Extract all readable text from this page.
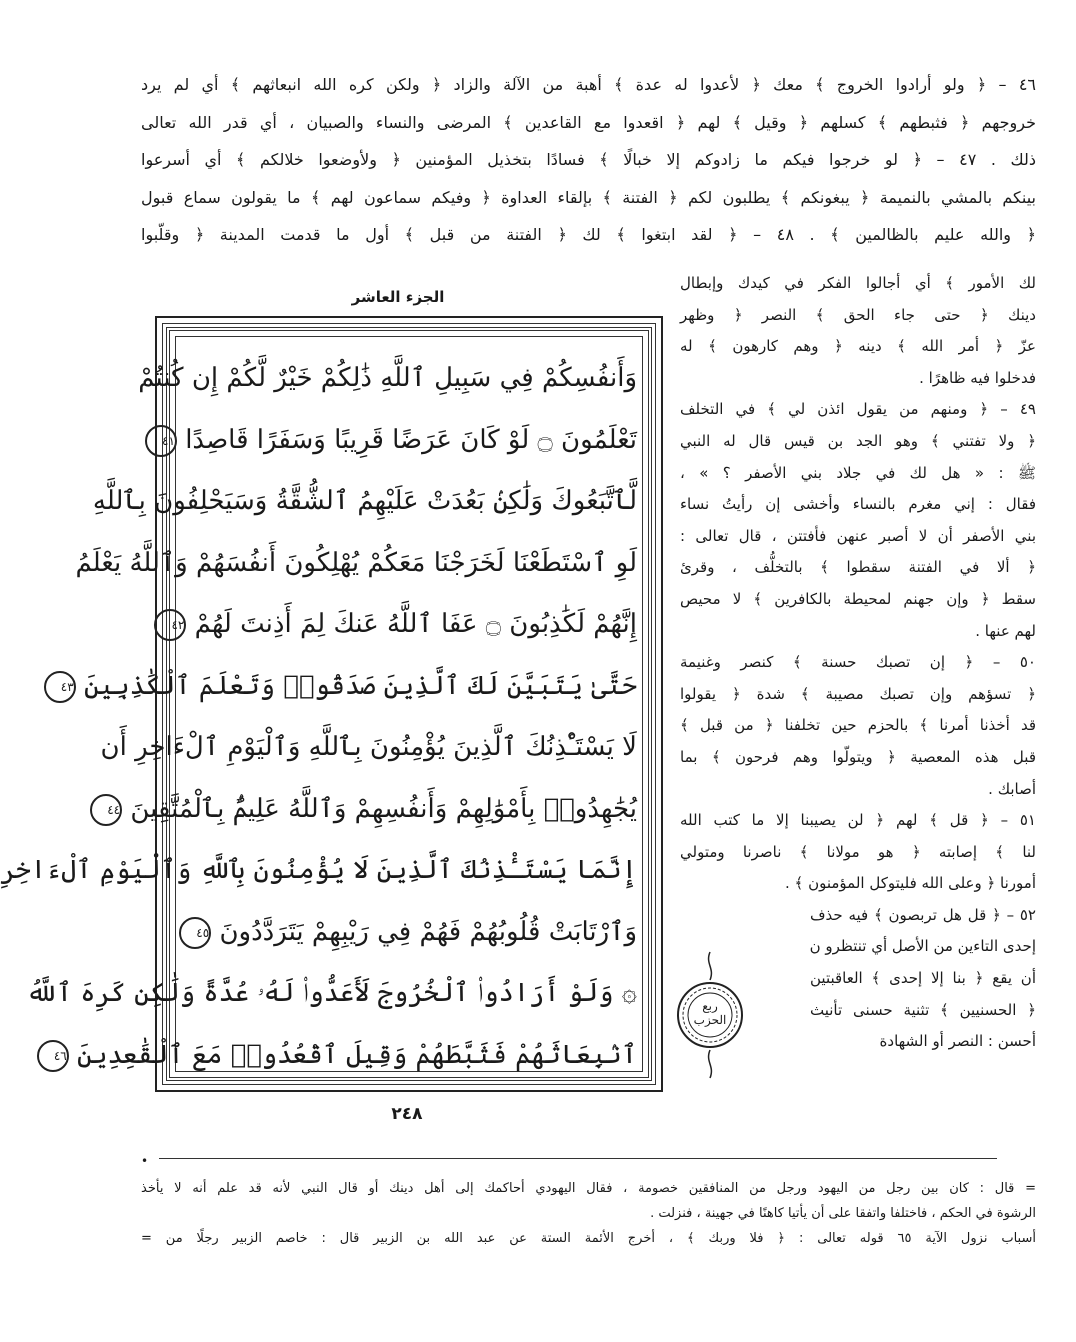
٤٦ – ﴿ ولو أرادوا الخروج ﴾ معك ﴿ لأعدوا له عدة ﴾ أهبة من الآلة والزاد ﴿ ولكن كره الله انبعاثهم ﴾ أي لم يرد
خروجهم ﴿ فثبطهم ﴾ كسلهم ﴿ وقيل ﴾ لهم ﴿ اقعدوا مع القاعدين ﴾ المرضى والنساء والصبيان ، أي قدر الله تعالى
ذلك . ٤٧ – ﴿ لو خرجوا فيكم ما زادوكم إلا خبالًا ﴾ فسادًا بتخذيل المؤمنين ﴿ ولأوضعوا خلالكم ﴾ أي أسرعوا
بينكم بالمشي بالنميمة ﴿ يبغونكم ﴾ يطلبون لكم ﴿ الفتنة ﴾ بإلقاء العداوة ﴿ وفيكم سماعون لهم ﴾ ما يقولون سماع قبول
﴿ والله عليم بالظالمين ﴾ . ٤٨ – ﴿ لقد ابتغوا ﴾ لك ﴿ الفتنة من قبل ﴾ أول ما قدمت المدينة ﴿ وقلّبوا
الجزء العاشر
وَأَنفُسِكُمْ فِي سَبِيلِ ٱللَّهِ ذَٰلِكُمْ خَيْرٌ لَّكُمْ إِن كُنتُمْ
تَعْلَمُونَ ۝ لَوْ كَانَ عَرَضًا قَرِيبًا وَسَفَرًا قَاصِدًا ٤١
لَّٱتَّبَعُوكَ وَلَٰكِنۢ بَعُدَتْ عَلَيْهِمُ ٱلشُّقَّةُ وَسَيَحْلِفُونَ بِٱللَّهِ
لَوِ ٱسْتَطَعْنَا لَخَرَجْنَا مَعَكُمْ يُهْلِكُونَ أَنفُسَهُمْ وَٱللَّهُ يَعْلَمُ
إِنَّهُمْ لَكَٰذِبُونَ ۝ عَفَا ٱللَّهُ عَنكَ لِمَ أَذِنتَ لَهُمْ ٤٢
حَتَّىٰ يَتَبَيَّنَ لَكَ ٱلَّذِينَ صَدَقُوا۟ وَتَعْلَمَ ٱلْكَٰذِبِينَ ٤٣
لَا يَسْتَـْٔذِنُكَ ٱلَّذِينَ يُؤْمِنُونَ بِٱللَّهِ وَٱلْيَوْمِ ٱلْءَاخِرِ أَن
يُجَٰهِدُوا۟ بِأَمْوَٰلِهِمْ وَأَنفُسِهِمْ وَٱللَّهُ عَلِيمٌۢ بِٱلْمُتَّقِينَ ٤٤
إِنَّمَا يَسْتَـْٔذِنُكَ ٱلَّذِينَ لَا يُؤْمِنُونَ بِٱللَّهِ وَٱلْيَوْمِ ٱلْءَاخِرِ
وَٱرْتَابَتْ قُلُوبُهُمْ فَهُمْ فِي رَيْبِهِمْ يَتَرَدَّدُونَ ٤٥
۞ وَلَوْ أَرَادُوا۟ ٱلْخُرُوجَ لَأَعَدُّوا۟ لَهُۥ عُدَّةً وَلَٰكِن كَرِهَ ٱللَّهُ
ٱنۢبِعَاثَهُمْ فَثَبَّطَهُمْ وَقِيلَ ٱقْعُدُوا۟ مَعَ ٱلْقَٰعِدِينَ ٤٦
٢٤٨
لك الأمور ﴾ أي أجالوا الفكر في كيدك وإبطال
دينك ﴿ حتى جاء الحق ﴾ النصر ﴿ وظهر
عزّ ﴿ أمر الله ﴾ دينه ﴿ وهم كارهون ﴾ له
فدخلوا فيه ظاهرًا .
٤٩ – ﴿ ومنهم من يقول ائذن لي ﴾ في التخلف
﴿ ولا تفتني ﴾ وهو الجد بن قيس قال له النبي
ﷺ : « هل لك في جلاد بني الأصفر ؟ » ،
فقال : إني مغرم بالنساء وأخشى إن رأيتُ نساء
بني الأصفر أن لا أصبر عنهن فأفتتن ، قال تعالى :
﴿ ألا في الفتنة سقطوا ﴾ بالتخلُّف ، وقرئ
سقط ﴿ وإن جهنم لمحيطة بالكافرين ﴾ لا محيص
لهم عنها .
٥٠ – ﴿ إن تصبك حسنة ﴾ كنصر وغنيمة
﴿ تسؤهم وإن تصبك مصيبة ﴾ شدة ﴿ يقولوا
قد أخذنا أمرنا ﴾ بالحزم حين تخلفنا ﴿ من قبل ﴾
قبل هذه المعصية ﴿ ويتولّوا وهم فرحون ﴾ بما
أصابك .
٥١ – ﴿ قل ﴾ لهم ﴿ لن يصيبنا إلا ما كتب الله
لنا ﴾ إصابته ﴿ هو مولانا ﴾ ناصرنا ومتولي
أمورنا ﴿ وعلى الله فليتوكل المؤمنون ﴾ .
٥٢ – ﴿ قل هل تربصون ﴾ فيه حذف
إحدى التاءين من الأصل أي تنتظرو ن
أن يقع ﴿ بنا إلا إحدى ﴾ العاقبتين
﴿ الحسنيين ﴾ تثنية حسنى تأنيث
أحسن : النصر أو الشهادة
ربع الحزب
•
= قال : كان بين رجل من اليهود ورجل من المنافقين خصومة ، فقال اليهودي أحاكمك إلى أهل دينك أو قال النبي لأنه قد علم أنه لا يأخذ
الرشوة في الحكم ، فاختلفا واتفقا على أن يأتيا كاهنًا في جهينة ، فنزلت .
أسباب نزول الآية ٦٥ قوله تعالى : ﴿ فلا وربك ﴾ ، أخرج الأئمة الستة عن عبد الله بن الزبير قال : خاصم الزبير رجلًا من =
